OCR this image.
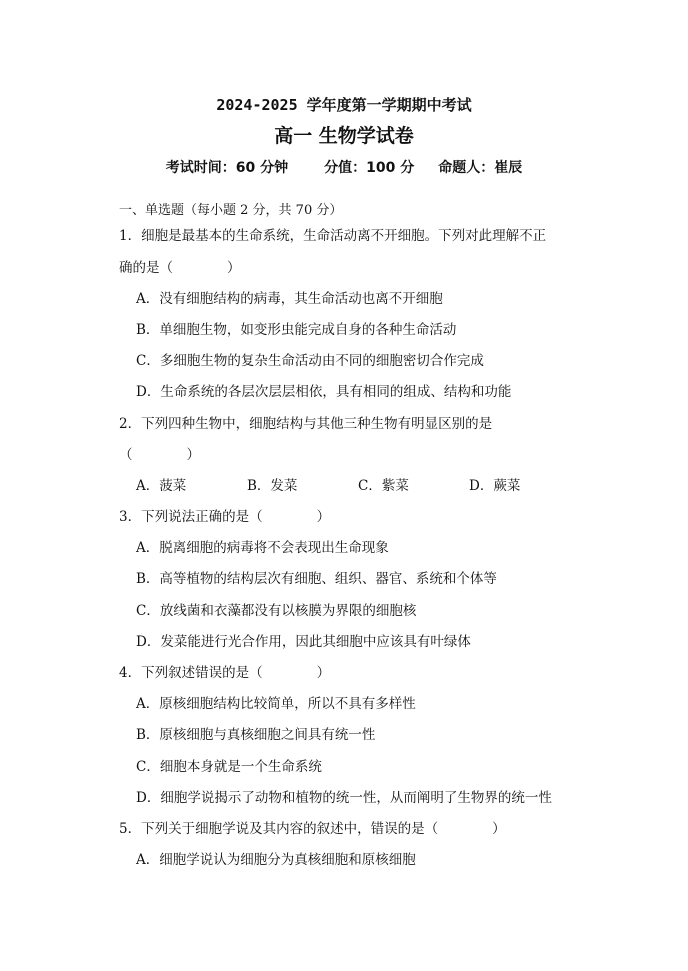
2024-2025 学年度第一学期期中考试
高一 生物学试卷
考试时间：60 分钟	分值：100 分 命题人：崔辰
一、单选题（每小题 2 分，共 70 分）
1．细胞是最基本的生命系统，生命活动离不开细胞。下列对此理解不正
确的是（　　　　）
A．没有细胞结构的病毒，其生命活动也离不开细胞
B．单细胞生物，如变形虫能完成自身的各种生命活动
C．多细胞生物的复杂生命活动由不同的细胞密切合作完成
D．生命系统的各层次层层相依，具有相同的组成、结构和功能
2．下列四种生物中，细胞结构与其他三种生物有明显区别的是
（　　　　）
A．菠菜	B．发菜	C．紫菜	D．蕨菜
3．下列说法正确的是（　　　　）
A．脱离细胞的病毒将不会表现出生命现象
B．高等植物的结构层次有细胞、组织、器官、系统和个体等
C．放线菌和衣藻都没有以核膜为界限的细胞核
D．发菜能进行光合作用，因此其细胞中应该具有叶绿体
4．下列叙述错误的是（　　　　）
A．原核细胞结构比较简单，所以不具有多样性
B．原核细胞与真核细胞之间具有统一性
C．细胞本身就是一个生命系统
D．细胞学说揭示了动物和植物的统一性，从而阐明了生物界的统一性
5．下列关于细胞学说及其内容的叙述中，错误的是（　　　　）
A．细胞学说认为细胞分为真核细胞和原核细胞
